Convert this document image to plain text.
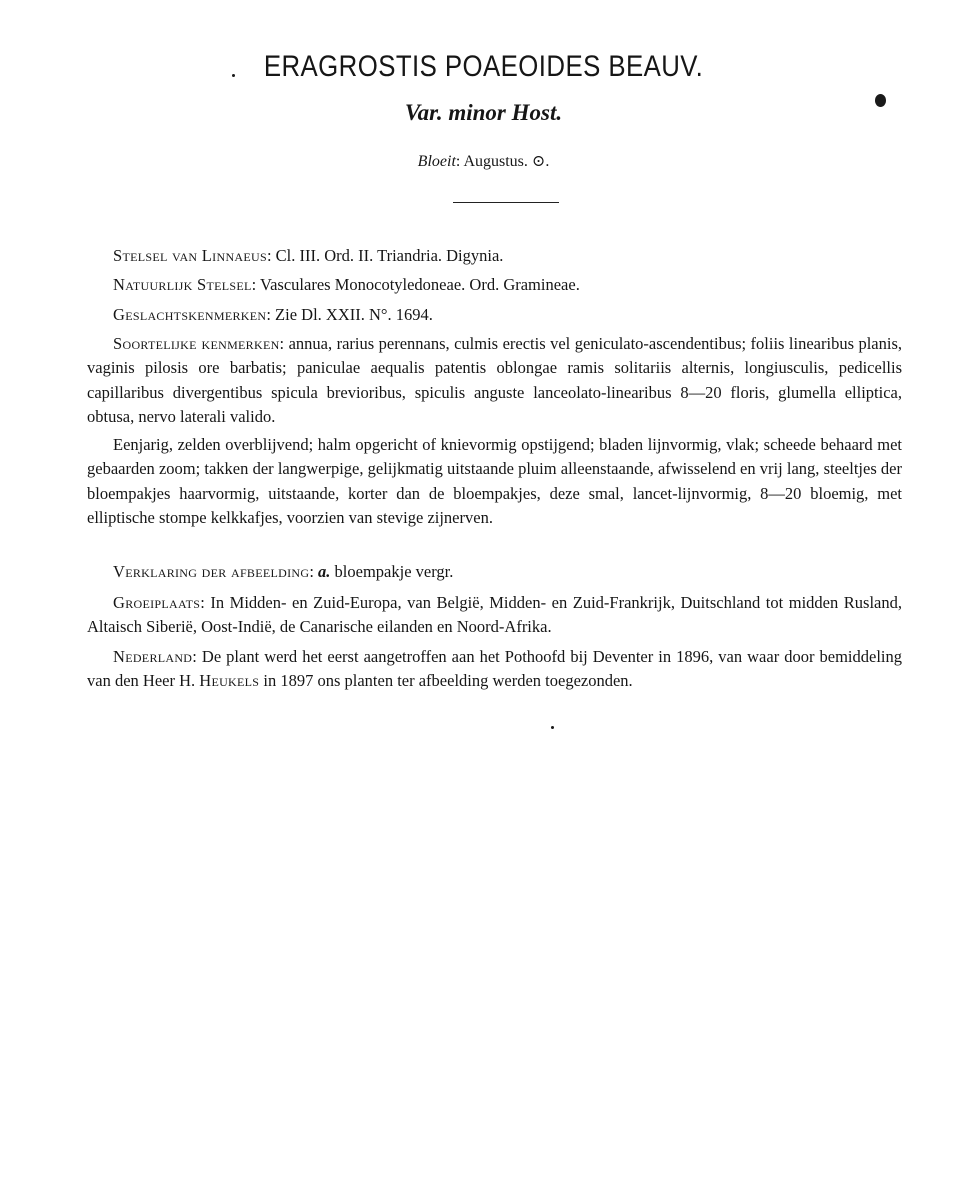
ERAGROSTIS POAEOIDES BEAUV.
Var. minor Host.
Bloeit: Augustus. ⊙.
Stelsel van Linnaeus: Cl. III. Ord. II. Triandria. Digynia.
Natuurlijk Stelsel: Vasculares Monocotyledoneae. Ord. Gramineae.
Geslachtskenmerken: Zie Dl. XXII. N°. 1694.
Soortelijke kenmerken: annua, rarius perennans, culmis erectis vel geniculato-ascendentibus; foliis linearibus planis, vaginis pilosis ore barbatis; paniculae aequalis patentis oblongae ramis solitariis alternis, longiusculis, pedicellis capillaribus divergentibus spicula brevioribus, spiculis anguste lanceolato-linearibus 8—20 floris, glumella elliptica, obtusa, nervo laterali valido.
Eenjarig, zelden overblijvend; halm opgericht of knievormig opstijgend; bladen lijnvormig, vlak; scheede behaard met gebaarden zoom; takken der langwerpige, gelijkmatig uitstaande pluim alleenstaande, afwisselend en vrij lang, steeltjes der bloempakjes haarvormig, uitstaande, korter dan de bloempakjes, deze smal, lancet-lijnvormig, 8—20 bloemig, met elliptische stompe kelkkafjes, voorzien van stevige zijnerven.
Verklaring der afbeelding: a. bloempakje vergr.
Groeiplaats: In Midden- en Zuid-Europa, van België, Midden- en Zuid-Frankrijk, Duitschland tot midden Rusland, Altaisch Siberië, Oost-Indië, de Canarische eilanden en Noord-Afrika.
Nederland: De plant werd het eerst aangetroffen aan het Pothoofd bij Deventer in 1896, van waar door bemiddeling van den Heer H. Heukels in 1897 ons planten ter afbeelding werden toegezonden.
